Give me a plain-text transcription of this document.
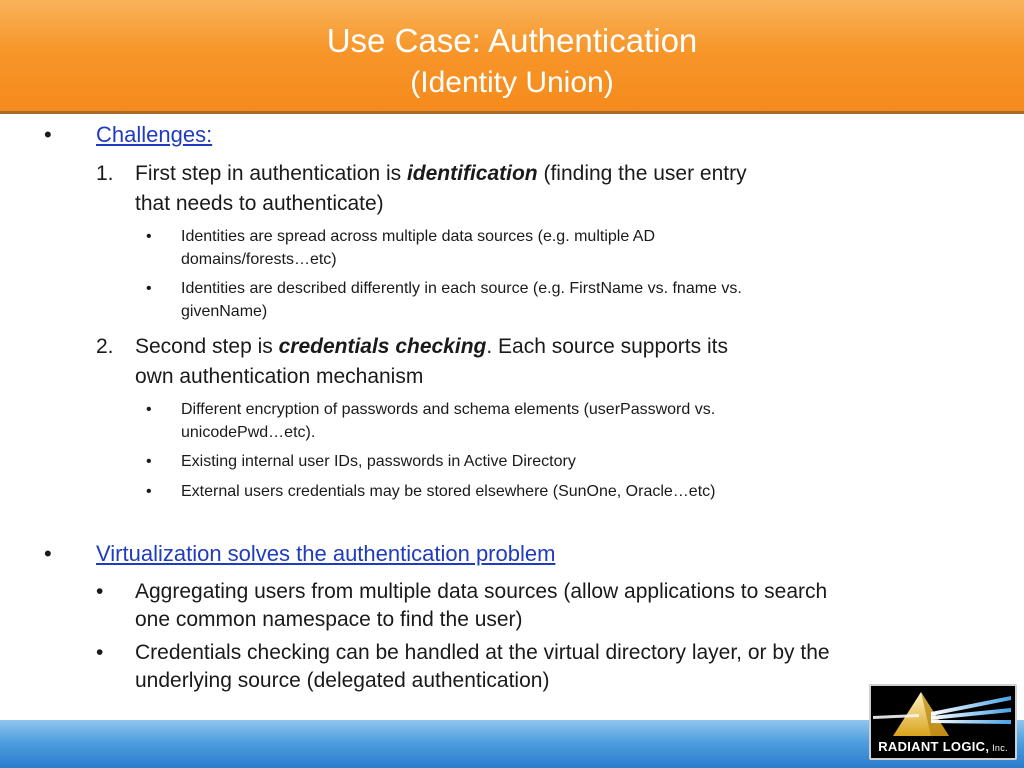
Use Case: Authentication
(Identity Union)
• Challenges:
1. First step in authentication is identification (finding the user entry
that needs to authenticate)
• Identities are spread across multiple data sources (e.g. multiple AD
domains/forests…etc)
• Identities are described differently in each source (e.g. FirstName vs. fname vs.
givenName)
2. Second step is credentials checking. Each source supports its
own authentication mechanism
• Different encryption of passwords and schema elements (userPassword vs.
unicodePwd…etc).
• Existing internal user IDs, passwords in Active Directory
• External users credentials may be stored elsewhere (SunOne, Oracle…etc)
• Virtualization solves the authentication problem
• Aggregating users from multiple data sources (allow applications to search
one common namespace to find the user)
• Credentials checking can be handled at the virtual directory layer, or by the
underlying source (delegated authentication)
RADIANT LOGIC, Inc.
